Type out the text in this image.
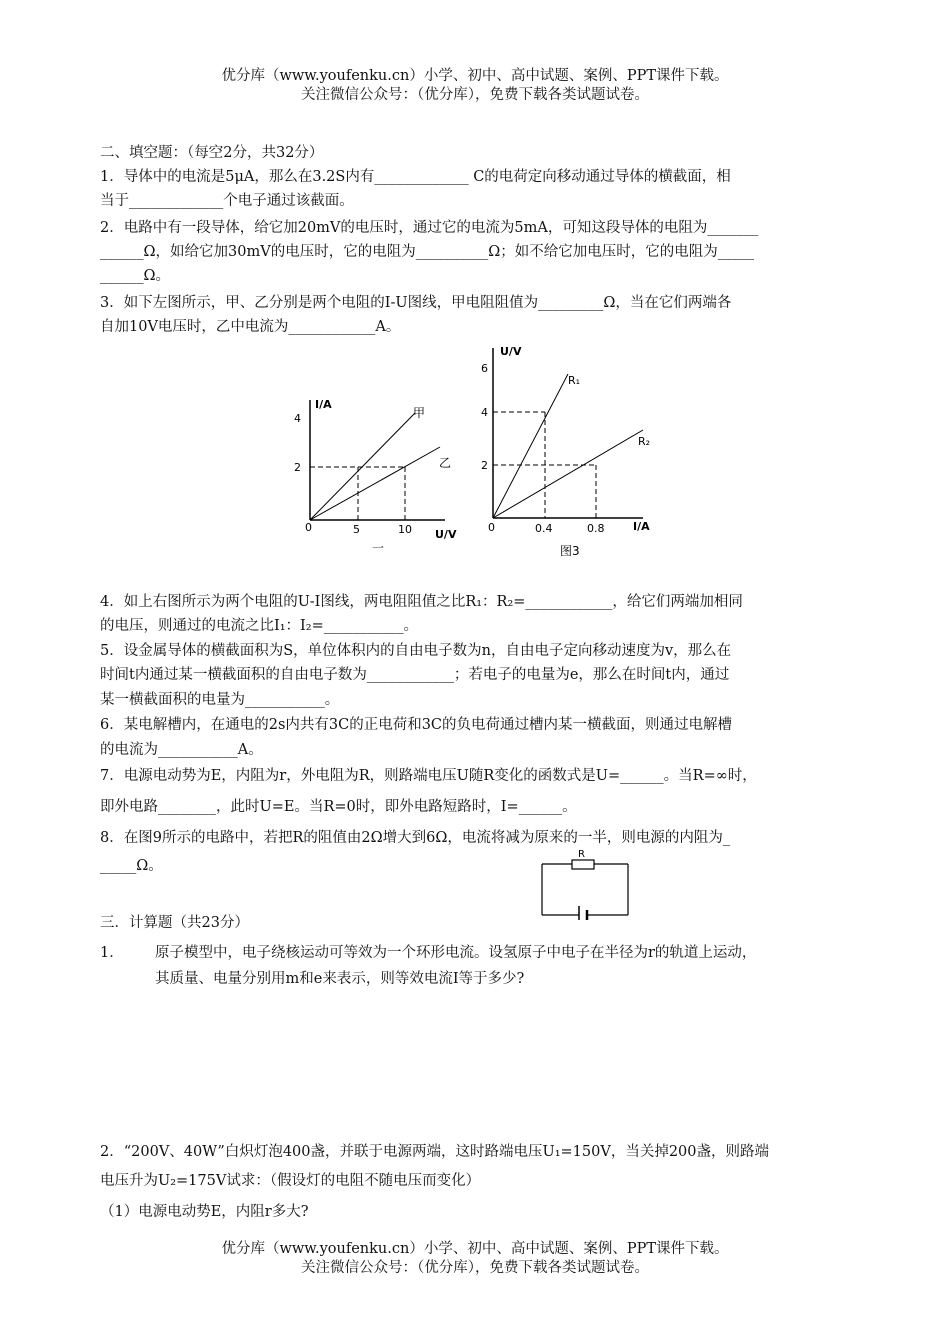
优分库（www.youfenku.cn）小学、初中、高中试题、案例、PPT课件下载。
关注微信公众号：（优分库），免费下载各类试题试卷。
二、填空题：（每空2分，共32分）
1．导体中的电流是5μA，那么在3.2S内有_____________ C的电荷定向移动通过导体的横截面，相
当于_____________个电子通过该截面。
2．电路中有一段导体，给它加20mV的电压时，通过它的电流为5mA，可知这段导体的电阻为_______
______Ω，如给它加30mV的电压时，它的电阻为__________Ω；如不给它加电压时，它的电阻为_____
______Ω。
3．如下左图所示，甲、乙分别是两个电阻的I-U图线，甲电阻阻值为_________Ω，当在它们两端各
自加10V电压时，乙中电流为____________A。
I/A
U/V
0
4
2
5	10
甲
乙
一
U/V
I/A
0
6
4
2
0.4	0.8
R₁
R₂
图3
4．如上右图所示为两个电阻的U-I图线，两电阻阻值之比R₁：R₂=____________，给它们两端加相同
的电压，则通过的电流之比I₁：I₂=___________。
5．设金属导体的横截面积为S，单位体积内的自由电子数为n，自由电子定向移动速度为v，那么在
时间t内通过某一横截面积的自由电子数为____________；若电子的电量为e，那么在时间t内，通过
某一横截面积的电量为___________。
6．某电解槽内，在通电的2s内共有3C的正电荷和3C的负电荷通过槽内某一横截面，则通过电解槽
的电流为___________A。
7．电源电动势为E，内阻为r，外电阻为R，则路端电压U随R变化的函数式是U=______。当R=∞时，
即外电路________，此时U=E。当R=0时，即外电路短路时，I=______。
8．在图9所示的电路中，若把R的阻值由2Ω增大到6Ω，电流将减为原来的一半，则电源的内阻为_
_____Ω。
R
三．计算题（共23分）
1． 原子模型中，电子绕核运动可等效为一个环形电流。设氢原子中电子在半径为r的轨道上运动，
其质量、电量分别用m和e来表示，则等效电流I等于多少?
2．“200V、40W”白炽灯泡400盏，并联于电源两端，这时路端电压U₁=150V，当关掉200盏，则路端
电压升为U₂=175V试求：（假设灯的电阻不随电压而变化）
（1）电源电动势E，内阻r多大?
优分库（www.youfenku.cn）小学、初中、高中试题、案例、PPT课件下载。
关注微信公众号：（优分库），免费下载各类试题试卷。
